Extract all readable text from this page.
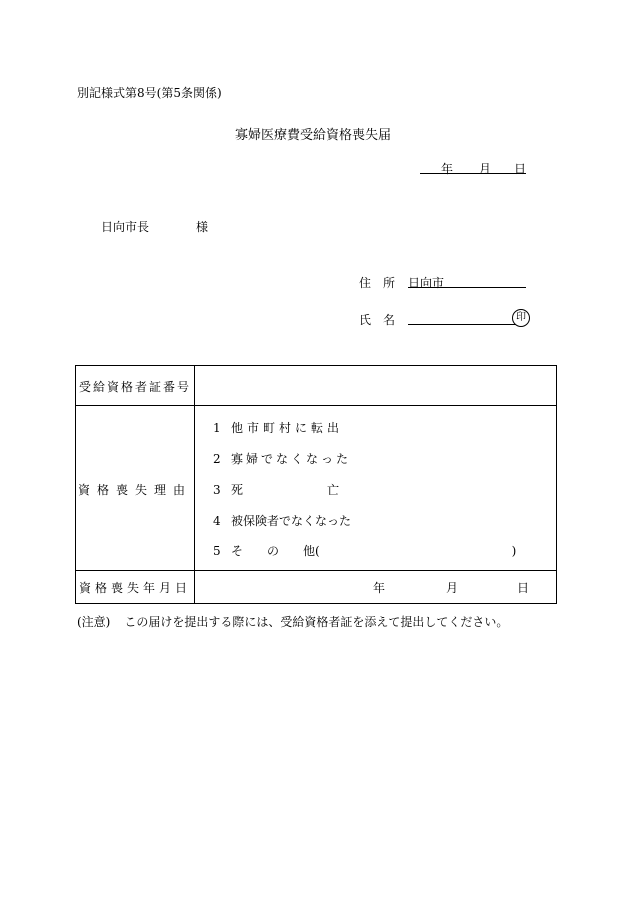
別記様式第8号(第5条関係)
寡婦医療費受給資格喪失届
年 月 日
日向市長	様
住　所 日向市
氏　名	印
受給資格者証番号
資格喪失理由
1 他市町村に転出
2 寡婦でなくなった
3 死　　　　　　　亡
4 被保険者でなくなった
5 そ　　の　　他(　　　　　　　　　　　　　　　　)
資格喪失年月日	年	月	日
(注意) この届けを提出する際には、受給資格者証を添えて提出してください。
